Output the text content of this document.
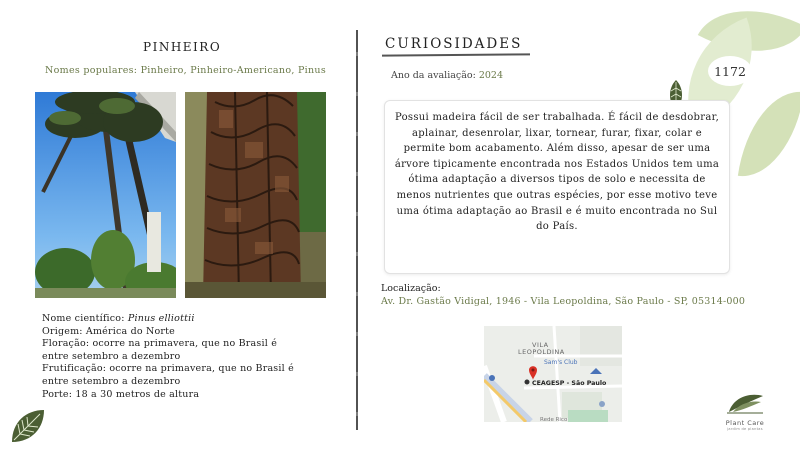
PINHEIRO
Nomes populares: Pinheiro, Pinheiro-Americano, Pinus
Nome científico: Pinus elliottii
Origem: América do Norte
Floração: ocorre na primavera, que no Brasil é
entre setembro a dezembro
Frutificação: ocorre na primavera, que no Brasil é
entre setembro a dezembro
Porte: 18 a 30 metros de altura
CURIOSIDADES
Ano da avaliação: 2024	1172
Possui madeira fácil de ser trabalhada. É fácil de desdobrar, aplainar, desenrolar, lixar, tornear, furar, fixar, colar e permite bom acabamento. Além disso, apesar de ser uma árvore tipicamente encontrada nos Estados Unidos tem uma ótima adaptação a diversos tipos de solo e necessita de menos nutrientes que outras espécies, por esse motivo teve uma ótima adaptação ao Brasil e é muito encontrada no Sul do País.
Localização:
Av. Dr. Gastão Vidigal, 1946 - Vila Leopoldina, São Paulo - SP, 05314-000
VILA
LEOPOLDINA
Sam's Club
CEAGESP - São Paulo
Rede Rico	Plant Care
jardim de plantas
